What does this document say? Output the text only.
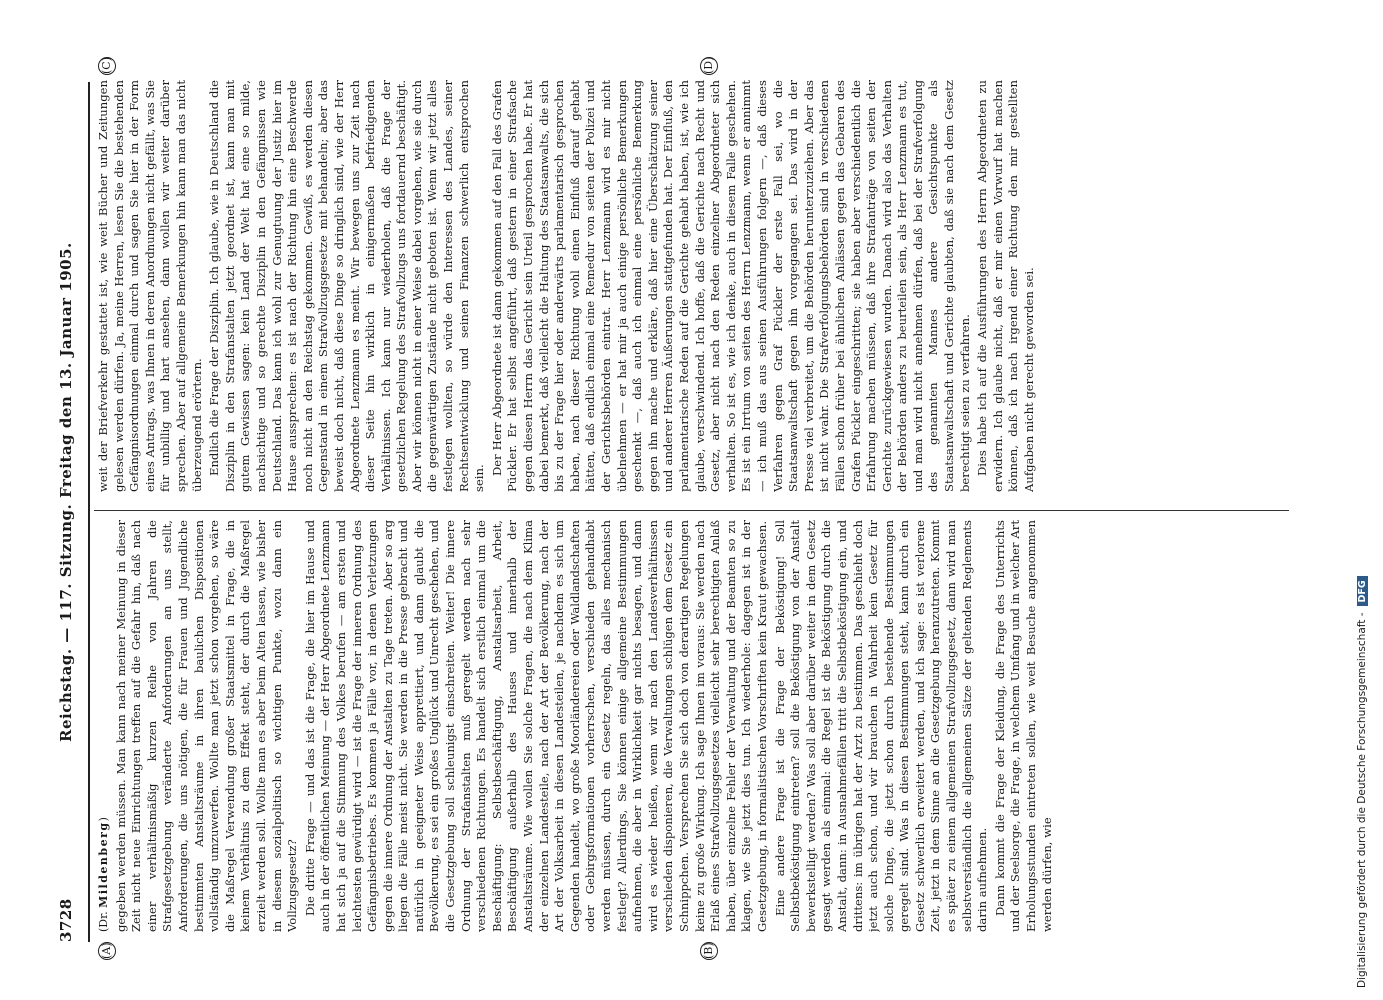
3728
Reichstag. — 117. Sitzung. Freitag den 13. Januar 1905.
(A)	(B)
(C)	(D)
(Dr. Mildenberg) gegeben werden müssen. Man kann nach meiner Meinung in dieser Zeit nicht neue Einrichtungen treffen auf die Gefahr hin, daß nach einer verhältnismäßig kurzen Reihe von Jahren die Strafgesetzgebung veränderte Anforderungen an uns stellt, Anforderungen, die uns nötigen, die für Frauen und Jugendliche bestimmten Anstaltsräume in ihren baulichen Dispositionen vollständig umzuwerfen. Wollte man jetzt schon vorgehen, so wäre die Maßregel Verwendung großer Staatsmittel in Frage, die in keinem Verhältnis zu dem Effekt steht, der durch die Maßregel erzielt werden soll. Wollte man es aber beim Alten lassen, wie bisher in diesem sozialpolitisch so wichtigen Punkte, wozu dann ein Vollzugsgesetz? Die dritte Frage — und das ist die Frage, die hier im Hause und auch in der öffentlichen Meinung — der Herr Abgeordnete Lenzmann hat sich ja auf die Stimmung des Volkes berufen — am ersten und leichtesten gewürdigt wird — ist die Frage der inneren Ordnung des Gefängnisbetriebes. Es kommen ja Fälle vor, in denen Verletzungen gegen die innere Ordnung der Anstalten zu Tage treten. Aber so arg liegen die Fälle meist nicht. Sie werden in die Presse gebracht und natürlich in geeigneter Weise apprettiert, und dann glaubt die Bevölkerung, es sei ein großes Unglück und Unrecht geschehen, und die Gesetzgebung soll schleunigst einschreiten. Weiter! Die innere Ordnung der Strafanstalten muß geregelt werden nach sehr verschiedenen Richtungen. Es handelt sich erstlich einmal um die Beschäftigung: Selbstbeschäftigung, Anstaltsarbeit, Arbeit, Beschäftigung außerhalb des Hauses und innerhalb der Anstaltsräume. Wie wollen Sie solche Fragen, die nach dem Klima der einzelnen Landesteile, nach der Art der Bevölkerung, nach der Art der Volksarbeit in diesen Landesteilen, je nachdem es sich um Gegenden handelt, wo große Moorländereien oder Waldlandschaften oder Gebirgsformationen vorherrschen, verschieden gehandhabt werden müssen, durch ein Gesetz regeln, das alles mechanisch festlegt? Allerdings, Sie können einige allgemeine Bestimmungen aufnehmen, die aber in Wirklichkeit gar nichts besagen, und dann wird es wieder heißen, wenn wir nach den Landesverhältnissen verschieden disponieren, die Verwaltungen schlügen dem Gesetz ein Schnippchen. Versprechen Sie sich doch von derartigen Regelungen keine zu große Wirkung. Ich sage Ihnen im voraus: Sie werden nach Erlaß eines Strafvollzugsgesetzes vielleicht sehr berechtigten Anlaß haben, über einzelne Fehler der Verwaltung und der Beamten so zu klagen, wie Sie jetzt dies tun. Ich wiederhole: dagegen ist in der Gesetzgebung, in formalistischen Vorschriften kein Kraut gewachsen. Eine andere Frage ist die Frage der Beköstigung! Soll Selbstbeköstigung eintreten? soll die Beköstigung von der Anstalt bewerkstelligt werden? Was soll aber darüber weiter in dem Gesetz gesagt werden als einmal: die Regel ist die Beköstigung durch die Anstalt, dann: in Ausnahmefällen tritt die Selbstbeköstigung ein, und drittens: im übrigen hat der Arzt zu bestimmen. Das geschieht doch jetzt auch schon, und wir brauchen in Wahrheit kein Gesetz für solche Dinge, die jetzt schon durch bestehende Bestimmungen geregelt sind. Was in diesen Bestimmungen steht, kann durch ein Gesetz schwerlich erweitert werden, und ich sage: es ist verlorene Zeit, jetzt in dem Sinne an die Gesetzgebung heranzutreten. Kommt es später zu einem allgemeinen Strafvollzugsgesetz, dann wird man selbstverständlich die allgemeinen Sätze der geltenden Reglements darin aufnehmen. Dann kommt die Frage der Kleidung, die Frage des Unterrichts und der Seelsorge, die Frage, in welchem Umfang und in welcher Art Erholungsstunden eintreten sollen, wie weit Besuche angenommen werden dürfen, wie

weit der Briefverkehr gestattet ist, wie weit Bücher und Zeitungen gelesen werden dürfen. Ja, meine Herren, lesen Sie die bestehenden Gefängnisordnungen einmal durch und sagen Sie hier in der Form eines Antrags, was Ihnen in deren Anordnungen nicht gefällt, was Sie für unbillig und hart ansehen, dann wollen wir weiter darüber sprechen. Aber auf allgemeine Bemerkungen hin kann man das nicht überzeugend erörtern. Endlich die Frage der Disziplin. Ich glaube, wie in Deutschland die Disziplin in den Strafanstalten jetzt geordnet ist, kann man mit gutem Gewissen sagen: kein Land der Welt hat eine so milde, nachsichtige und so gerechte Disziplin in den Gefängnissen wie Deutschland. Das kann ich wohl zur Genugtuung der Justiz hier im Hause aussprechen: es ist nach der Richtung hin eine Beschwerde noch nicht an den Reichstag gekommen. Gewiß, es werden diesen Gegenstand in einem Strafvollzugsgesetze mit behandeln; aber das beweist doch nicht, daß diese Dinge so dringlich sind, wie der Herr Abgeordnete Lenzmann es meint. Wir bewegen uns zur Zeit nach dieser Seite hin wirklich in einigermaßen befriedigenden Verhältnissen. Ich kann nur wiederholen, daß die Frage der gesetzlichen Regelung des Strafvollzugs uns fortdauernd beschäftigt. Aber wir können nicht in einer Weise dabei vorgehen, wie sie durch die gegenwärtigen Zustände nicht geboten ist. Wenn wir jetzt alles festlegen wollten, so würde den Interessen des Landes, seiner Rechtsentwicklung und seinen Finanzen schwerlich entsprochen sein.

Der Herr Abgeordnete ist dann gekommen auf den Fall des Grafen Pückler. Er hat selbst angeführt, daß gestern in einer Strafsache gegen diesen Herrn das Gericht sein Urteil gesprochen habe. Er hat dabei bemerkt, daß vielleicht die Haltung des Staatsanwalts, die sich bis zu der Frage hier oder anderwärts parlamentarisch gesprochen haben, nach dieser Richtung wohl einen Einfluß darauf gehabt hätten, daß endlich einmal eine Remedur von seiten der Polizei und der Gerichtsbehörden eintrat. Herr Lenzmann wird es mir nicht übelnehmen — er hat mir ja auch einige persönliche Bemerkungen geschenkt —, daß auch ich einmal eine persönliche Bemerkung gegen ihn mache und erkläre, daß hier eine Überschätzung seiner und anderer Herren Äußerungen stattgefunden hat. Der Einfluß, den parlamentarische Reden auf die Gerichte gehabt haben, ist, wie ich glaube, verschwindend. Ich hoffe, daß die Gerichte nach Recht und Gesetz, aber nicht nach den Reden einzelner Abgeordneter sich verhalten. So ist es, wie ich denke, auch in diesem Falle geschehen. Es ist ein Irrtum von seiten des Herrn Lenzmann, wenn er annimmt — ich muß das aus seinen Ausführungen folgern —, daß dieses Verfahren gegen Graf Pückler der erste Fall sei, wo die Staatsanwaltschaft gegen ihn vorgegangen sei. Das wird in der Presse viel verbreitet, um die Behörden herunterzuziehen. Aber das ist nicht wahr. Die Strafverfolgungsbehörden sind in verschiedenen Fällen schon früher bei ähnlichen Anlässen gegen das Gebaren des Grafen Pückler eingeschritten; sie haben aber verschiedentlich die Erfahrung machen müssen, daß ihre Strafanträge von seiten der Gerichte zurückgewiesen wurden. Danach wird also das Verhalten der Behörden anders zu beurteilen sein, als Herr Lenzmann es tut, und man wird nicht annehmen dürfen, daß bei der Strafverfolgung des genannten Mannes andere Gesichtspunkte als Staatsanwaltschaft und Gerichte glaubten, daß sie nach dem Gesetz berechtigt seien zu verfahren. Dies habe ich auf die Ausführungen des Herrn Abgeordneten zu erwidern. Ich glaube nicht, daß er mir einen Vorwurf hat machen können, daß ich nach irgend einer Richtung den mir gestellten Aufgaben nicht gerecht geworden sei.

Digitalisierung gefördert durch die Deutsche Forschungsgemeinschaft -DFG
